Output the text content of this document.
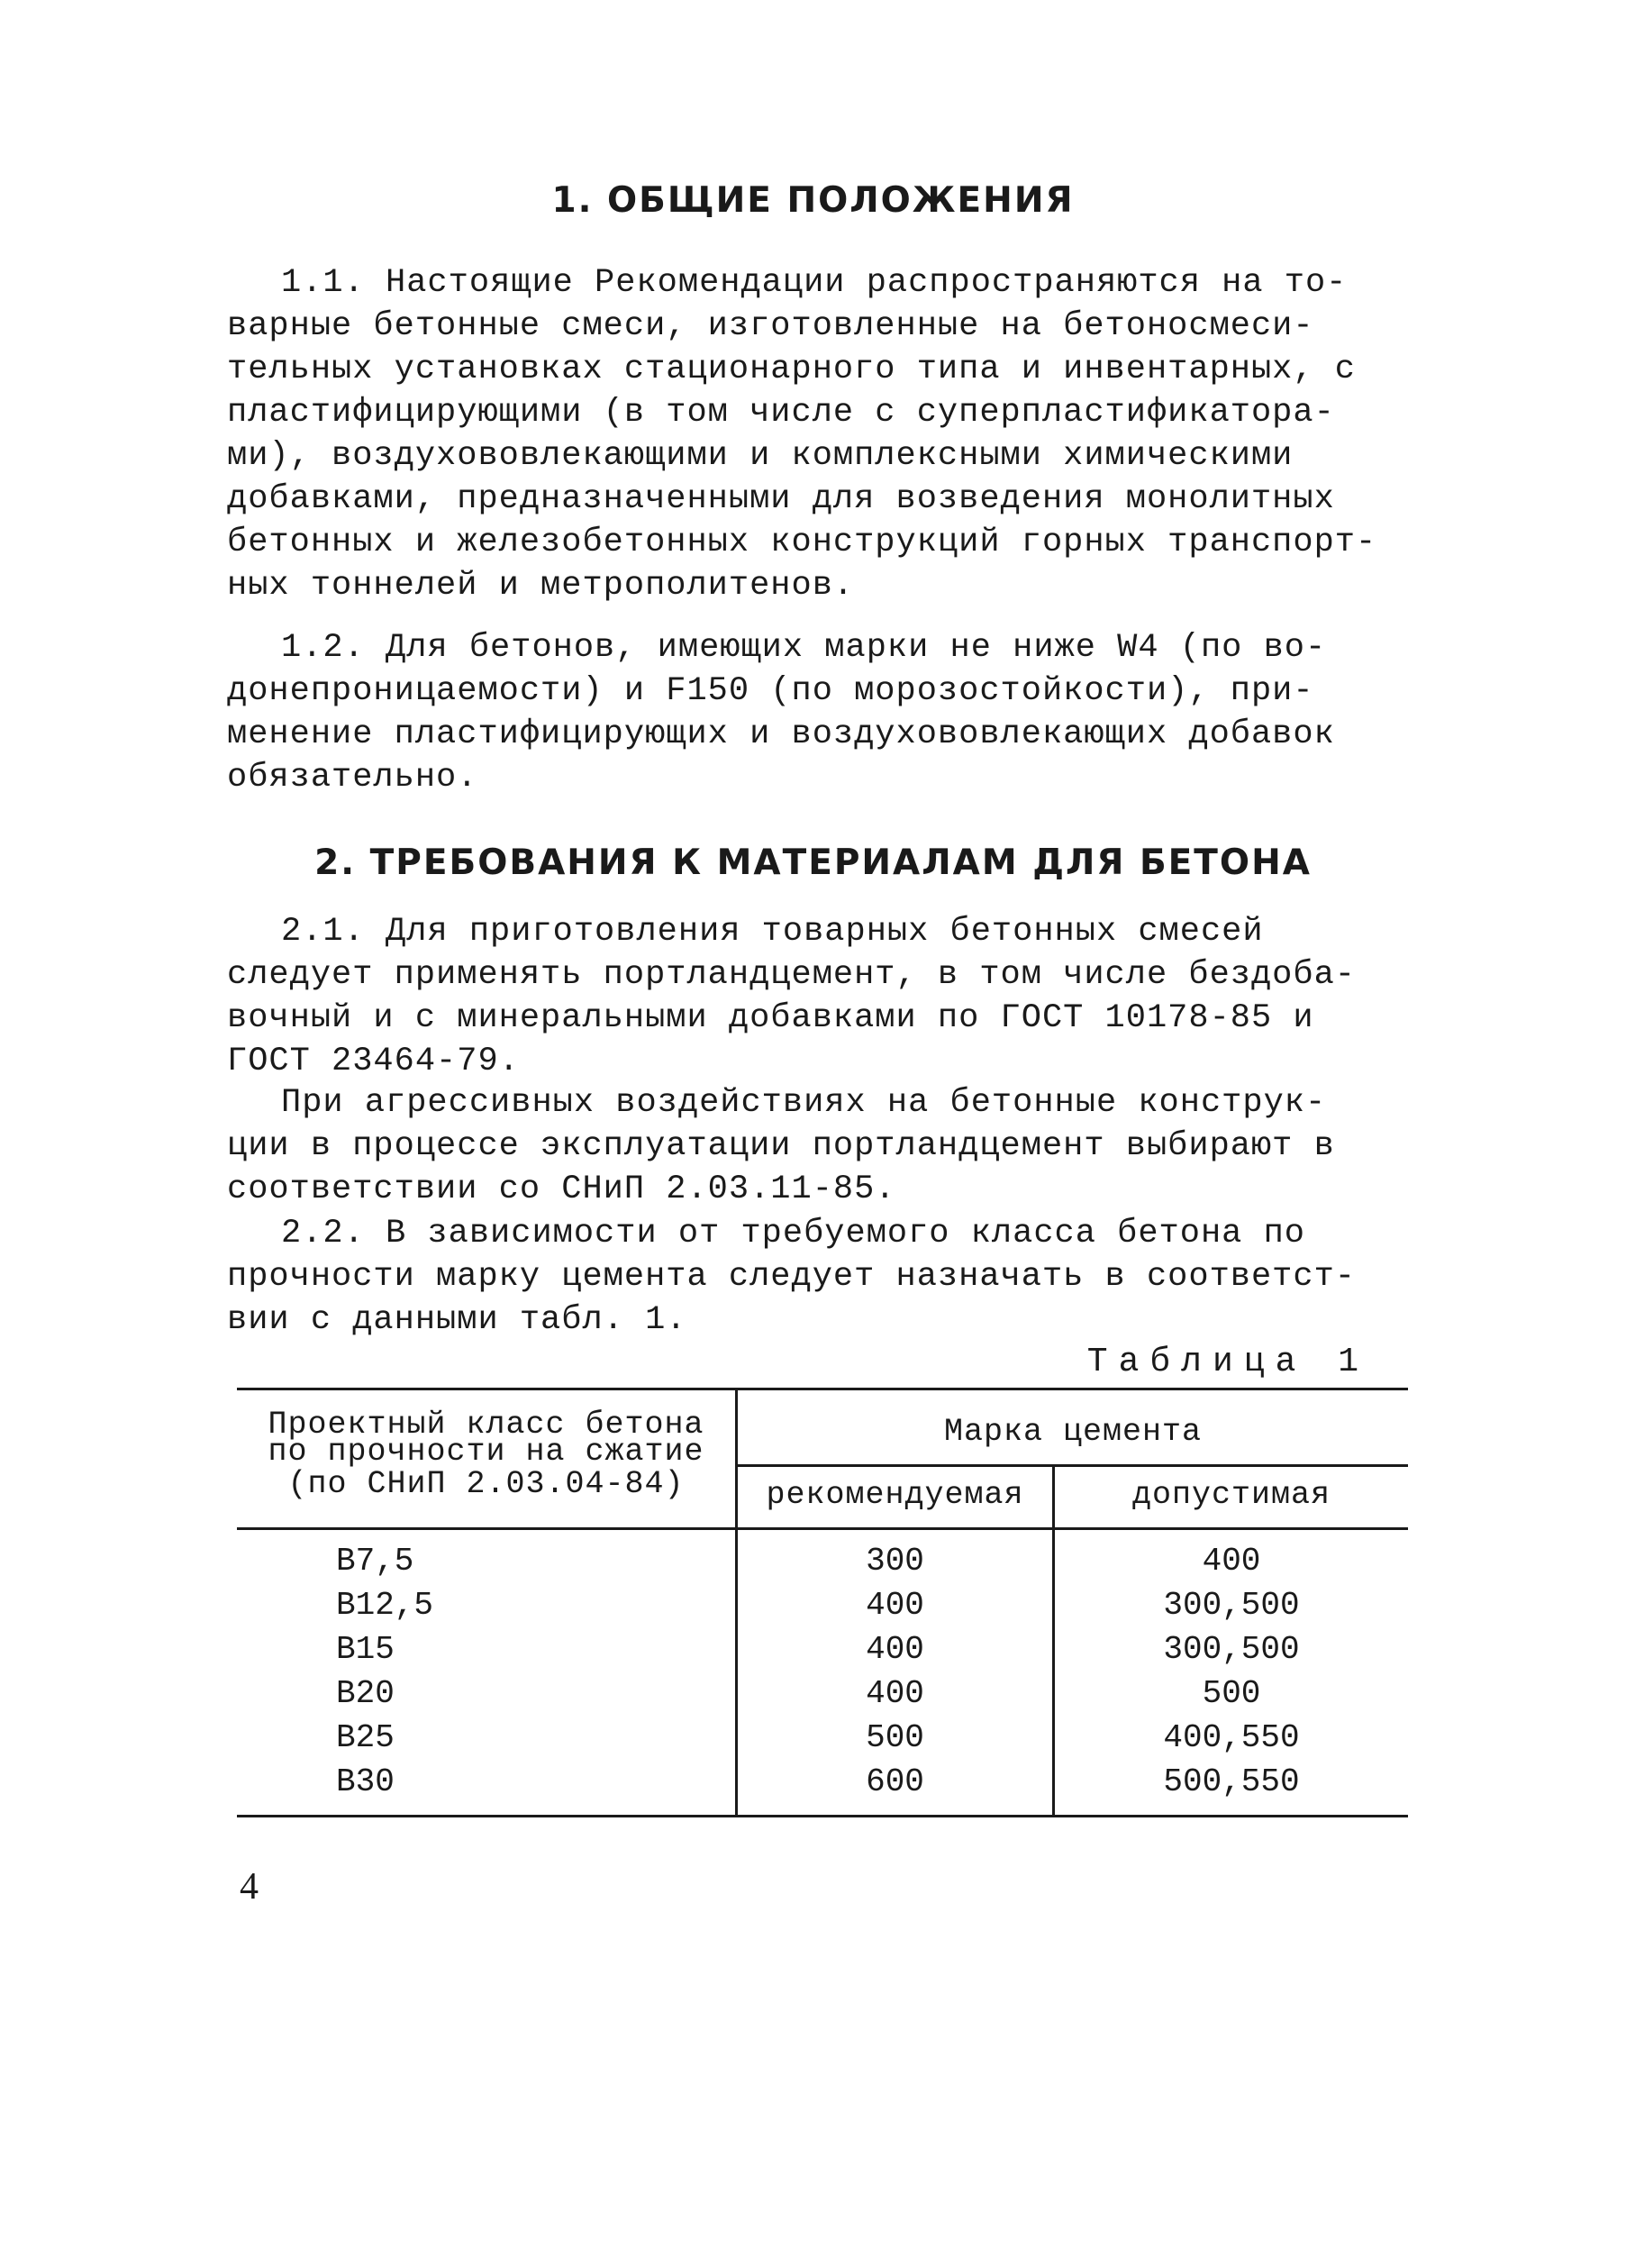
1. ОБЩИЕ ПОЛОЖЕНИЯ
1.1. Настоящие Рекомендации распространяются на то-
варные бетонные смеси, изготовленные на бетоносмеси-
тельных установках стационарного типа и инвентарных, с
пластифицирующими (в том числе с суперпластификатора-
ми), воздухововлекающими и комплексными химическими
добавками, предназначенными для возведения монолитных
бетонных и железобетонных конструкций горных транспорт-
ных тоннелей и метрополитенов.
1.2. Для бетонов, имеющих марки не ниже W4 (по во-
донепроницаемости) и F150 (по морозостойкости), при-
менение пластифицирующих и воздухововлекающих добавок
обязательно.
2. ТРЕБОВАНИЯ К МАТЕРИАЛАМ ДЛЯ БЕТОНА
2.1. Для приготовления товарных бетонных смесей
следует применять портландцемент, в том числе бездоба-
вочный и с минеральными добавками по ГОСТ 10178-85 и
ГОСТ 23464-79.
При агрессивных воздействиях на бетонные конструк-
ции в процессе эксплуатации портландцемент выбирают в
соответствии со СНиП 2.03.11-85.
2.2. В зависимости от требуемого класса бетона по
прочности марку цемента следует назначать в соответст-
вии с данными табл. 1.
Таблица 1
Проектный класс бетона
по прочности на сжатие
(по СНиП 2.03.04-84)
Марка цемента
рекомендуемая	допустимая
B7,5	300	400
B12,5	400	300,500
B15	400	300,500
B20	400	500
B25	500	400,550
B30	600	500,550
4
